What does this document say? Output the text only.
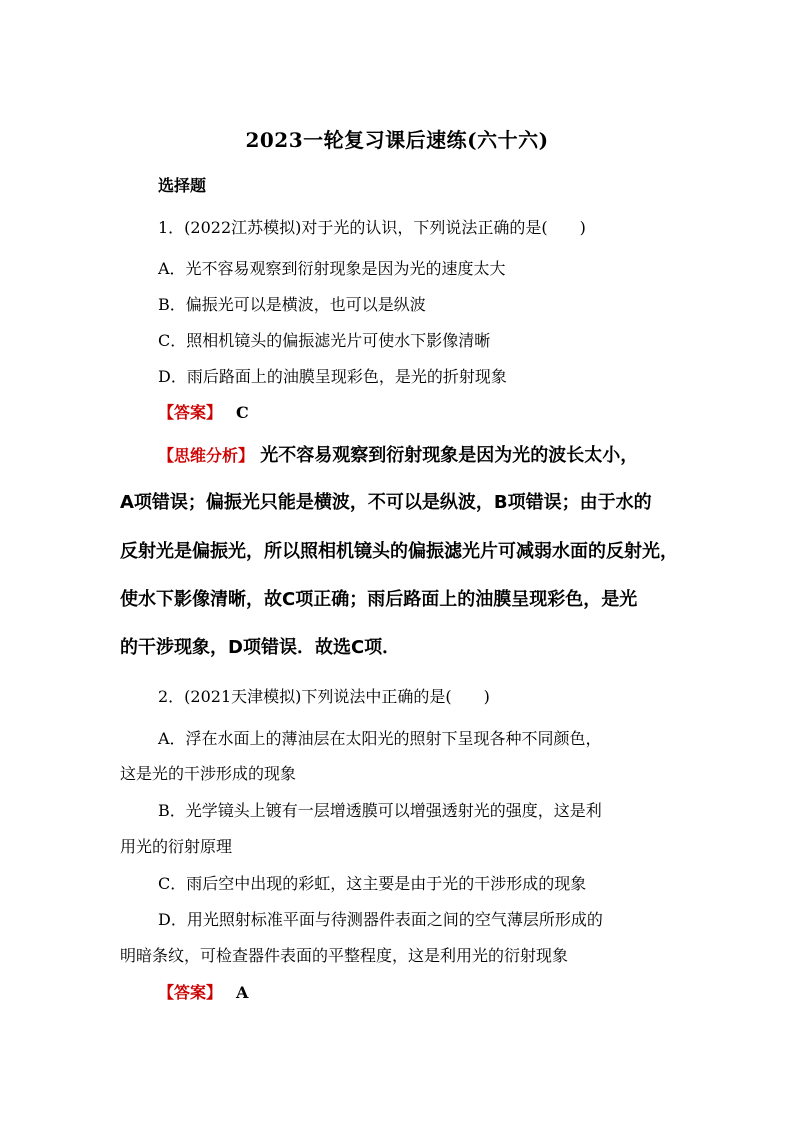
2023一轮复习课后速练(六十六)
选择题
1．(2022江苏模拟)对于光的认识，下列说法正确的是(　　)
A．光不容易观察到衍射现象是因为光的速度太大
B．偏振光可以是横波，也可以是纵波
C．照相机镜头的偏振滤光片可使水下影像清晰
D．雨后路面上的油膜呈现彩色，是光的折射现象
【答案】 C
【思维分析】 光不容易观察到衍射现象是因为光的波长太小，
A项错误；偏振光只能是横波，不可以是纵波，B项错误；由于水的
反射光是偏振光，所以照相机镜头的偏振滤光片可减弱水面的反射光，
使水下影像清晰，故C项正确；雨后路面上的油膜呈现彩色，是光
的干涉现象，D项错误．故选C项．
2．(2021天津模拟)下列说法中正确的是(　　)
A．浮在水面上的薄油层在太阳光的照射下呈现各种不同颜色，
这是光的干涉形成的现象
B．光学镜头上镀有一层增透膜可以增强透射光的强度，这是利
用光的衍射原理
C．雨后空中出现的彩虹，这主要是由于光的干涉形成的现象
D．用光照射标准平面与待测器件表面之间的空气薄层所形成的
明暗条纹，可检查器件表面的平整程度，这是利用光的衍射现象
【答案】 A
